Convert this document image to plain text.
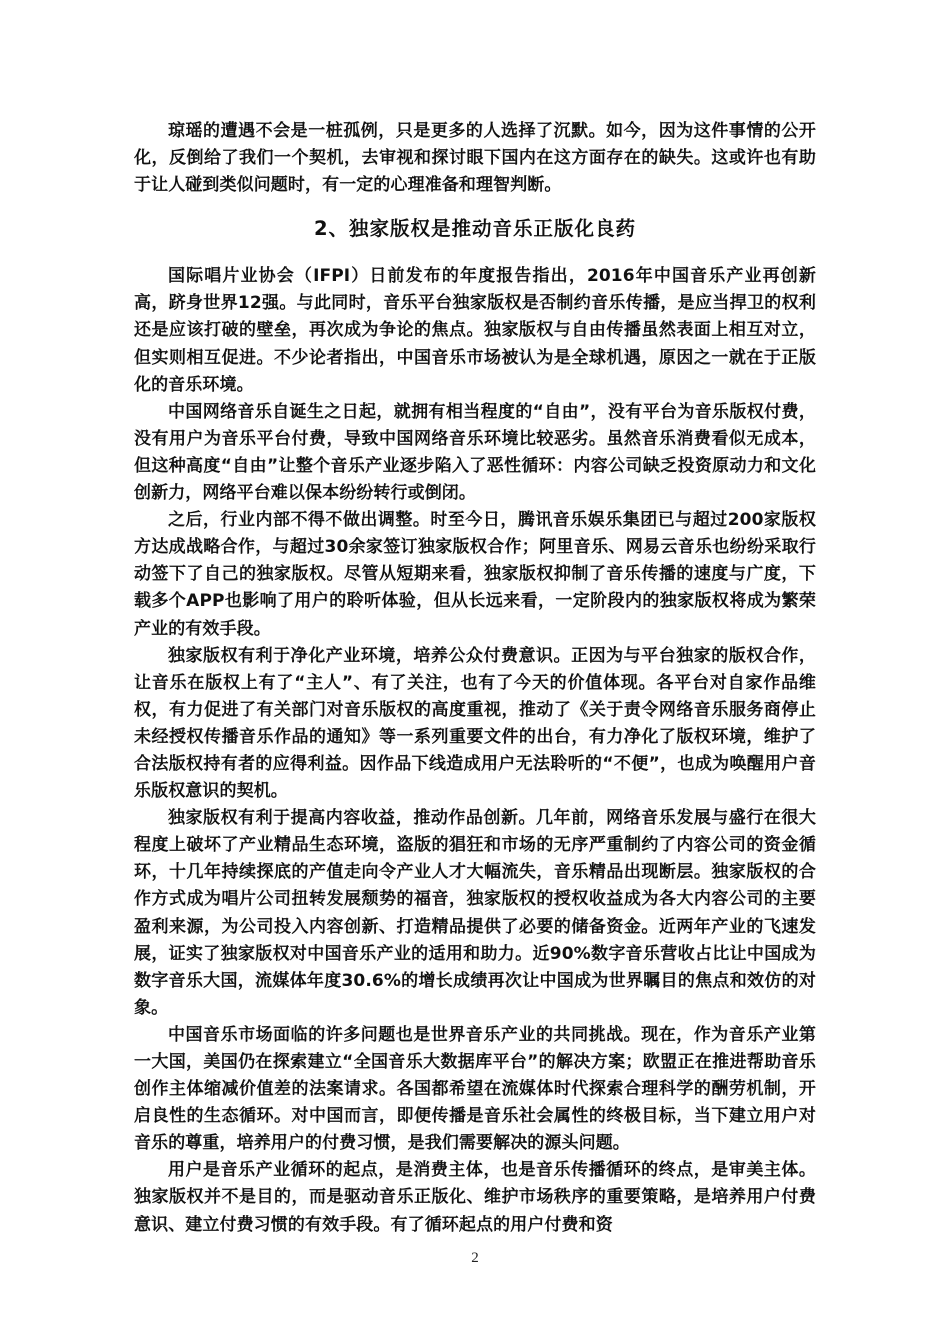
琼瑶的遭遇不会是一桩孤例，只是更多的人选择了沉默。如今，因为这件事情的公开化，反倒给了我们一个契机，去审视和探讨眼下国内在这方面存在的缺失。这或许也有助于让人碰到类似问题时，有一定的心理准备和理智判断。

2、独家版权是推动音乐正版化良药

国际唱片业协会（IFPI）日前发布的年度报告指出，2016年中国音乐产业再创新高，跻身世界12强。与此同时，音乐平台独家版权是否制约音乐传播，是应当捍卫的权利还是应该打破的壁垒，再次成为争论的焦点。独家版权与自由传播虽然表面上相互对立，但实则相互促进。不少论者指出，中国音乐市场被认为是全球机遇，原因之一就在于正版化的音乐环境。

中国网络音乐自诞生之日起，就拥有相当程度的“自由”，没有平台为音乐版权付费，没有用户为音乐平台付费，导致中国网络音乐环境比较恶劣。虽然音乐消费看似无成本，但这种高度“自由”让整个音乐产业逐步陷入了恶性循环：内容公司缺乏投资原动力和文化创新力，网络平台难以保本纷纷转行或倒闭。

之后，行业内部不得不做出调整。时至今日，腾讯音乐娱乐集团已与超过200家版权方达成战略合作，与超过30余家签订独家版权合作；阿里音乐、网易云音乐也纷纷采取行动签下了自己的独家版权。尽管从短期来看，独家版权抑制了音乐传播的速度与广度，下载多个APP也影响了用户的聆听体验，但从长远来看，一定阶段内的独家版权将成为繁荣产业的有效手段。

独家版权有利于净化产业环境，培养公众付费意识。正因为与平台独家的版权合作，让音乐在版权上有了“主人”、有了关注，也有了今天的价值体现。各平台对自家作品维权，有力促进了有关部门对音乐版权的高度重视，推动了《关于责令网络音乐服务商停止未经授权传播音乐作品的通知》等一系列重要文件的出台，有力净化了版权环境，维护了合法版权持有者的应得利益。因作品下线造成用户无法聆听的“不便”，也成为唤醒用户音乐版权意识的契机。

独家版权有利于提高内容收益，推动作品创新。几年前，网络音乐发展与盛行在很大程度上破坏了产业精品生态环境，盗版的猖狂和市场的无序严重制约了内容公司的资金循环，十几年持续探底的产值走向令产业人才大幅流失，音乐精品出现断层。独家版权的合作方式成为唱片公司扭转发展颓势的福音，独家版权的授权收益成为各大内容公司的主要盈利来源，为公司投入内容创新、打造精品提供了必要的储备资金。近两年产业的飞速发展，证实了独家版权对中国音乐产业的适用和助力。近90%数字音乐营收占比让中国成为数字音乐大国，流媒体年度30.6%的增长成绩再次让中国成为世界瞩目的焦点和效仿的对象。

中国音乐市场面临的许多问题也是世界音乐产业的共同挑战。现在，作为音乐产业第一大国，美国仍在探索建立“全国音乐大数据库平台”的解决方案；欧盟正在推进帮助音乐创作主体缩减价值差的法案请求。各国都希望在流媒体时代探索合理科学的酬劳机制，开启良性的生态循环。对中国而言，即便传播是音乐社会属性的终极目标，当下建立用户对音乐的尊重，培养用户的付费习惯，是我们需要解决的源头问题。

用户是音乐产业循环的起点，是消费主体，也是音乐传播循环的终点，是审美主体。独家版权并不是目的，而是驱动音乐正版化、维护市场秩序的重要策略，是培养用户付费意识、建立付费习惯的有效手段。有了循环起点的用户付费和资

2
